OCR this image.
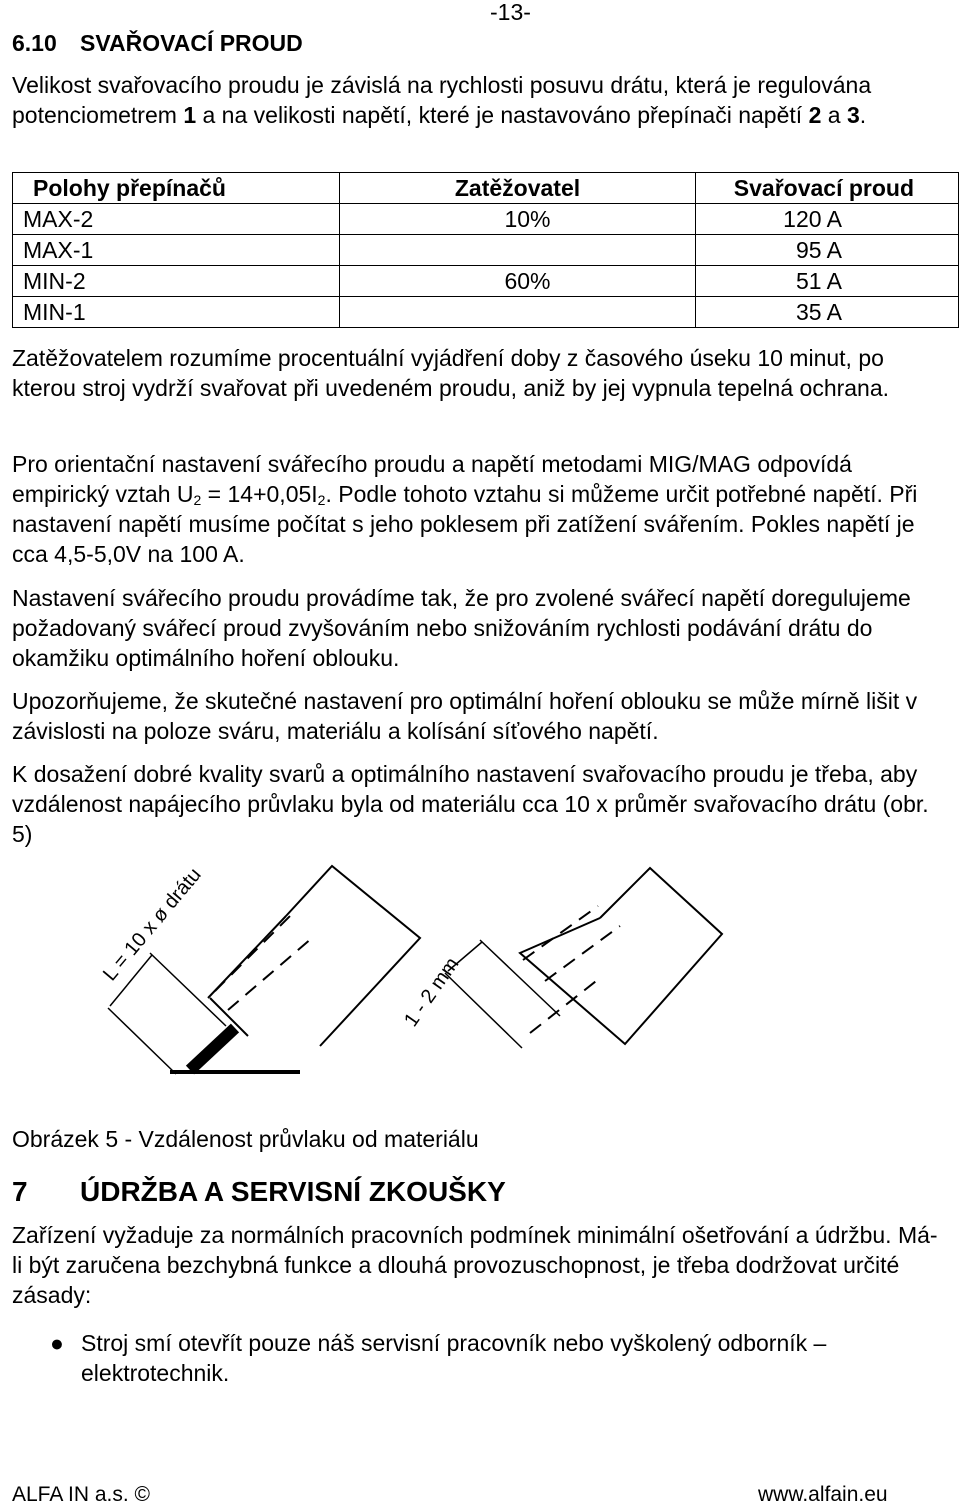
-13-
6.10 SVAŘOVACÍ PROUD

Velikost svařovacího proudu je závislá na rychlosti posuvu drátu, která je regulována potenciometrem 1 a na velikosti napětí, které je nastavováno přepínači napětí 2 a 3.

Polohy přepínačů	Zatěžovatel	Svařovací proud
MAX-2	10%	120 A
MAX-1		95 A
MIN-2	60%	51 A
MIN-1		35 A

Zatěžovatelem rozumíme procentuální vyjádření doby z časového úseku 10 minut, po kterou stroj vydrží svařovat při uvedeném proudu, aniž by jej vypnula tepelná ochrana.

Pro orientační nastavení svářecího proudu a napětí metodami MIG/MAG odpovídá empirický vztah $U_2 = 14+0,05I_2$. Podle tohoto vztahu si můžeme určit potřebné napětí. Při nastavení napětí musíme počítat s jeho poklesem při zatížení svářením. Pokles napětí je cca 4,5-5,0V na 100 A.

Nastavení svářecího proudu provádíme tak, že pro zvolené svářecí napětí doregulujeme požadovaný svářecí proud zvyšováním nebo snižováním rychlosti podávání drátu do okamžiku optimálního hoření oblouku.

Upozorňujeme, že skutečné nastavení pro optimální hoření oblouku se může mírně lišit v závislosti na poloze sváru, materiálu a kolísání síťového napětí.

K dosažení dobré kvality svarů a optimálního nastavení svařovacího proudu je třeba, aby vzdálenost napájecího průvlaku byla od materiálu cca 10 x průměr svařovacího drátu (obr. 5)

L = 10 x ø drátu
1 - 2 mm
Obrázek 5 - Vzdálenost průvlaku od materiálu
7 ÚDRŽBA A SERVISNÍ ZKOUŠKY

Zařízení vyžaduje za normálních pracovních podmínek minimální ošetřování a údržbu. Má-li být zaručena bezchybná funkce a dlouhá provozuschopnost, je třeba dodržovat určité zásady:

● Stroj smí otevřít pouze náš servisní pracovník nebo vyškolený odborník – elektrotechnik.
ALFA IN a.s. ©	www.alfain.eu
